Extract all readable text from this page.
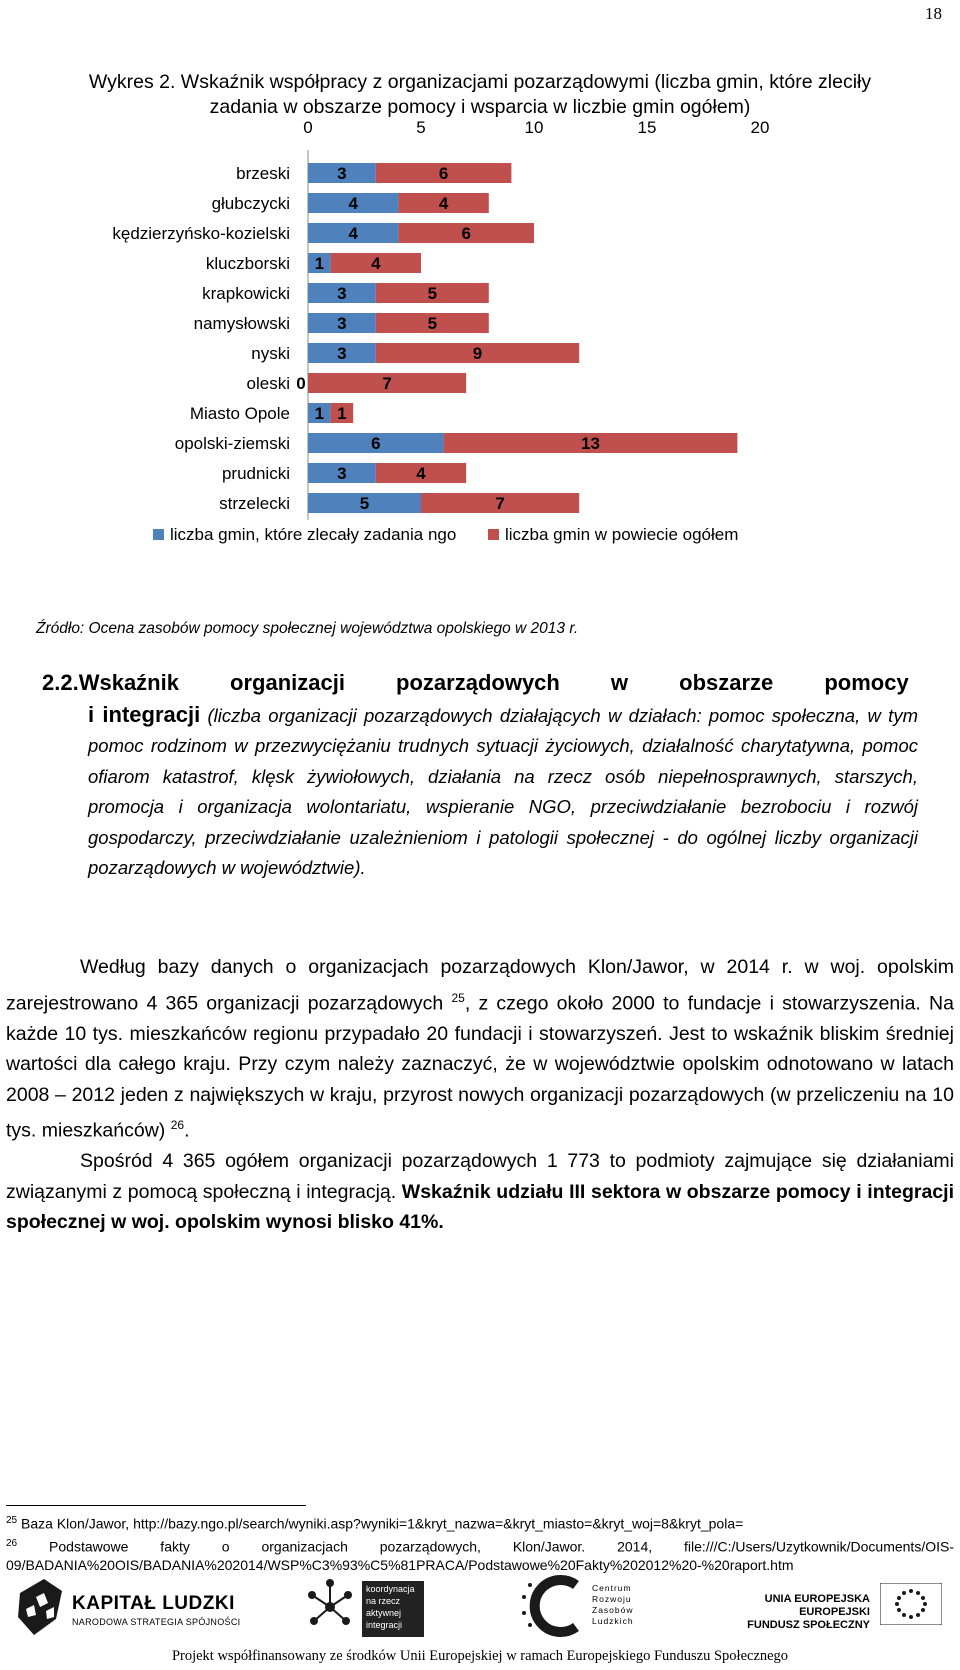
18
Wykres 2. Wskaźnik współpracy z organizacjami pozarządowymi (liczba gmin, które zleciły
zadania w obszarze pomocy i wsparcia w liczbie gmin ogółem)
0	5	10	15	20
brzeski	3	6
głubczycki	4	4
kędzierzyńsko-kozielski	4	6
kluczborski 1	4
krapkowicki	3	5
namysłowski	3	5
nyski	3	9
oleski 0	7
Miasto Opole 1 1
opolski-ziemski	6	13
prudnicki	3	4
strzelecki	5	7
liczba gmin, które zlecały zadania ngo	liczba gmin w powiecie ogółem
Źródło: Ocena zasobów pomocy społecznej województwa opolskiego w 2013 r.
2.2.Wskaźnik organizacji pozarządowych w obszarze pomocy
i integracji (liczba organizacji pozarządowych działających w działach: pomoc społeczna, w tym pomoc rodzinom w przezwyciężaniu trudnych sytuacji życiowych, działalność charytatywna, pomoc ofiarom katastrof, klęsk żywiołowych, działania na rzecz osób niepełnosprawnych, starszych, promocja i organizacja wolontariatu, wspieranie NGO, przeciwdziałanie bezrobociu i rozwój gospodarczy, przeciwdziałanie uzależnieniom i patologii społecznej - do ogólnej liczby organizacji pozarządowych w województwie).

Według bazy danych o organizacjach pozarządowych Klon/Jawor, w 2014 r. w woj. opolskim zarejestrowano 4 365 organizacji pozarządowych $^{25}$, z czego około 2000 to fundacje i stowarzyszenia. Na każde 10 tys. mieszkańców regionu przypadało 20 fundacji i stowarzyszeń. Jest to wskaźnik bliskim średniej wartości dla całego kraju. Przy czym należy zaznaczyć, że w województwie opolskim odnotowano w latach 2008 – 2012 jeden z największych w kraju, przyrost nowych organizacji pozarządowych (w przeliczeniu na 10 tys. mieszkańców) $^{26}$.

Spośród 4 365 ogółem organizacji pozarządowych 1 773 to podmioty zajmujące się działaniami związanymi z pomocą społeczną i integracją. Wskaźnik udziału III sektora w obszarze pomocy i integracji społecznej w woj. opolskim wynosi blisko 41%.

$^{25}$ Baza Klon/Jawor, http://bazy.ngo.pl/search/wyniki.asp?wyniki=1&kryt_nazwa=&kryt_miasto=&kryt_woj=8&kryt_pola=

$^{26}$ Podstawowe fakty o organizacjach pozarządowych, Klon/Jawor. 2014, file:///C:/Users/Uzytkownik/Documents/OIS-09/BADANIA%20OIS/BADANIA%202014/WSP%C3%93%C5%81PRACA/Podstawowe%20Fakty%202012%20-%20raport.htm

KAPITAŁ LUDZKI
NARODOWA STRATEGIA SPÓJNOŚCI
koordynacja
na rzecz
aktywnej
integracji
Centrum
Rozwoju
Zasobów
Ludzkich
UNIA EUROPEJSKA
EUROPEJSKI
FUNDUSZ SPOŁECZNY
Projekt współfinansowany ze środków Unii Europejskiej w ramach Europejskiego Funduszu Społecznego
